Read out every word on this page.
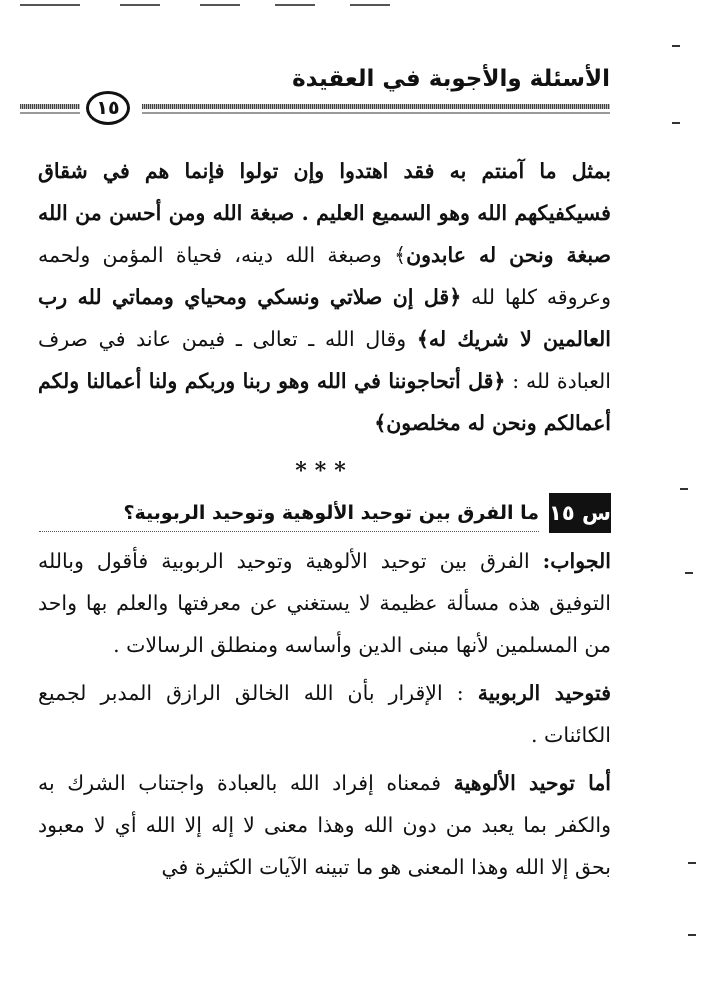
الأسئلة والأجوبة في العقيدة
١٥

بمثل ما آمنتم به فقد اهتدوا وإن تولوا فإنما هم في شقاق فسيكفيكهم الله وهو السميع العليم . صبغة الله ومن أحسن من الله صبغة ونحن له عابدون﴾ وصبغة الله دينه، فحياة المؤمن ولحمه وعروقه كلها لله ﴿قل إن صلاتي ونسكي ومحياي ومماتي لله رب العالمين لا شريك له﴾ وقال الله ـ تعالى ـ فيمن عاند في صرف العبادة لله : ﴿قل أتحاجوننا في الله وهو ربنا وربكم ولنا أعمالنا ولكم أعمالكم ونحن له مخلصون﴾

***
س ١٥
ما الفرق بين توحيد الألوهية وتوحيد الربوبية؟

الجواب: الفرق بين توحيد الألوهية وتوحيد الربوبية فأقول وبالله التوفيق هذه مسألة عظيمة لا يستغني عن معرفتها والعلم بها واحد من المسلمين لأنها مبنى الدين وأساسه ومنطلق الرسالات .

فتوحيد الربوبية : الإقرار بأن الله الخالق الرازق المدبر لجميع الكائنات .

أما توحيد الألوهية فمعناه إفراد الله بالعبادة واجتناب الشرك به والكفر بما يعبد من دون الله وهذا معنى لا إله إلا الله أي لا معبود بحق إلا الله وهذا المعنى هو ما تبينه الآيات الكثيرة في
